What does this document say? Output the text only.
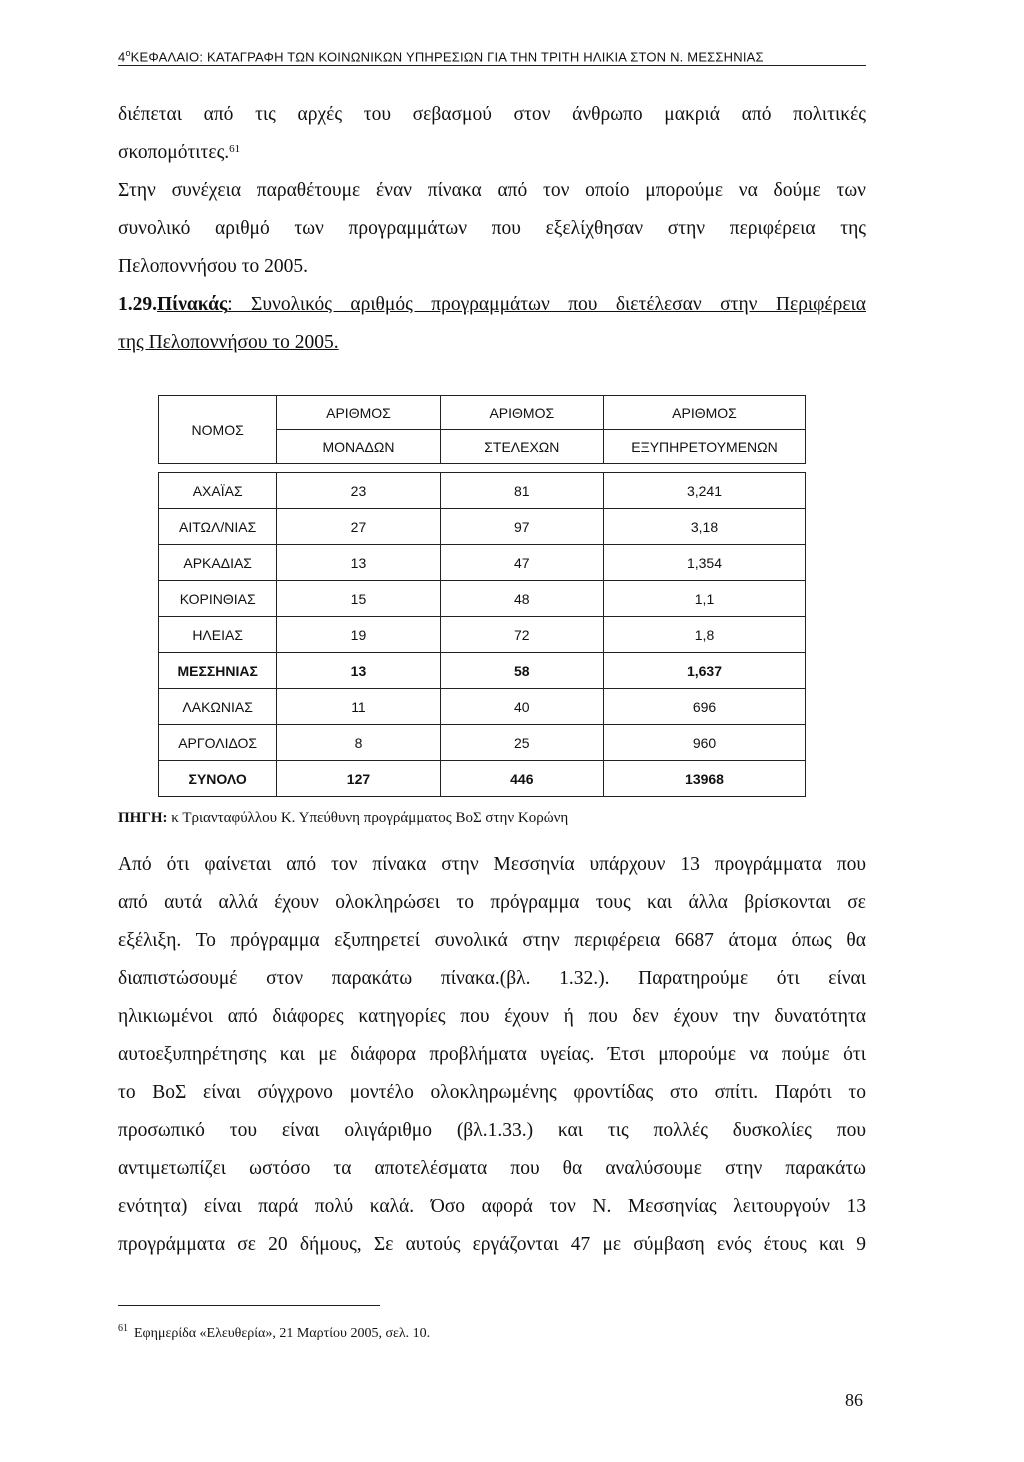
$4^oKE\Phi A\Lambda AIO$: ΚΑΤΑΓΡΑΦΗ ΤΩΝ ΚΟΙΝΩΝΙΚΩΝ ΥΠΗΡΕΣΙΩΝ ΓΙΑ ΤΗΝ ΤΡΙΤΗ ΗΛΙΚΙΑ ΣΤΟΝ Ν. ΜΕΣΣΗΝΙΑΣ
διέπεται από τις αρχές του σεβασμού στον άνθρωπο μακριά από πολιτικές
σκοπομότιτες.$^{61}$
Στην συνέχεια παραθέτουμε έναν πίνακα από τον οποίο μπορούμε να δούμε των
συνολικό αριθμό των προγραμμάτων που εξελίχθησαν στην περιφέρεια της
Πελοποννήσου το 2005.
1.29.Πίνακάς: Συνολικός αριθμός προγραμμάτων που διετέλεσαν στην Περιφέρεια
της Πελοποννήσου το 2005.
ΝΟΜΟΣ	ΑΡΙΘΜΟΣ	ΑΡΙΘΜΟΣ	ΑΡΙΘΜΟΣ
	ΜΟΝΑΔΩΝ	ΣΤΕΛΕΧΩΝ	ΕΞΥΠΗΡΕΤΟΥΜΕΝΩΝ

ΑΧΑΪΑΣ	23	81	3,241
ΑΙΤΩΛ/ΝΙΑΣ	27	97	3,18
ΑΡΚΑΔΙΑΣ	13	47	1,354
ΚΟΡΙΝΘΙΑΣ	15	48	1,1
ΗΛΕΙΑΣ	19	72	1,8
ΜΕΣΣΗΝΙΑΣ	13	58	1,637
ΛΑΚΩΝΙΑΣ	11	40	696
ΑΡΓΟΛΙΔΟΣ	8	25	960
ΣΥΝΟΛΟ	127	446	13968
ΠΗΓΗ: κ Τριανταφύλλου Κ. Υπεύθυνη προγράμματος ΒοΣ στην Κορώνη
Από ότι φαίνεται από τον πίνακα στην Μεσσηνία υπάρχουν 13 προγράμματα που
από αυτά αλλά έχουν ολοκληρώσει το πρόγραμμα τους και άλλα βρίσκονται σε
εξέλιξη. Το πρόγραμμα εξυπηρετεί συνολικά στην περιφέρεια 6687 άτομα όπως θα
διαπιστώσουμέ στον παρακάτω πίνακα.(βλ. 1.32.). Παρατηρούμε ότι είναι
ηλικιωμένοι από διάφορες κατηγορίες που έχουν ή που δεν έχουν την δυνατότητα
αυτοεξυπηρέτησης και με διάφορα προβλήματα υγείας. Έτσι μπορούμε να πούμε ότι
το ΒοΣ είναι σύγχρονο μοντέλο ολοκληρωμένης φροντίδας στο σπίτι. Παρότι το
προσωπικό του είναι ολιγάριθμο (βλ.1.33.) και τις πολλές δυσκολίες που
αντιμετωπίζει ωστόσο τα αποτελέσματα που θα αναλύσουμε στην παρακάτω
ενότητα) είναι παρά πολύ καλά. Όσο αφορά τον Ν. Μεσσηνίας λειτουργούν 13
προγράμματα σε 20 δήμους, Σε αυτούς εργάζονται 47 με σύμβαση ενός έτους και 9
$^{61}$ Εφημερίδα «Ελευθερία», 21 Μαρτίου 2005, σελ. 10.
86
